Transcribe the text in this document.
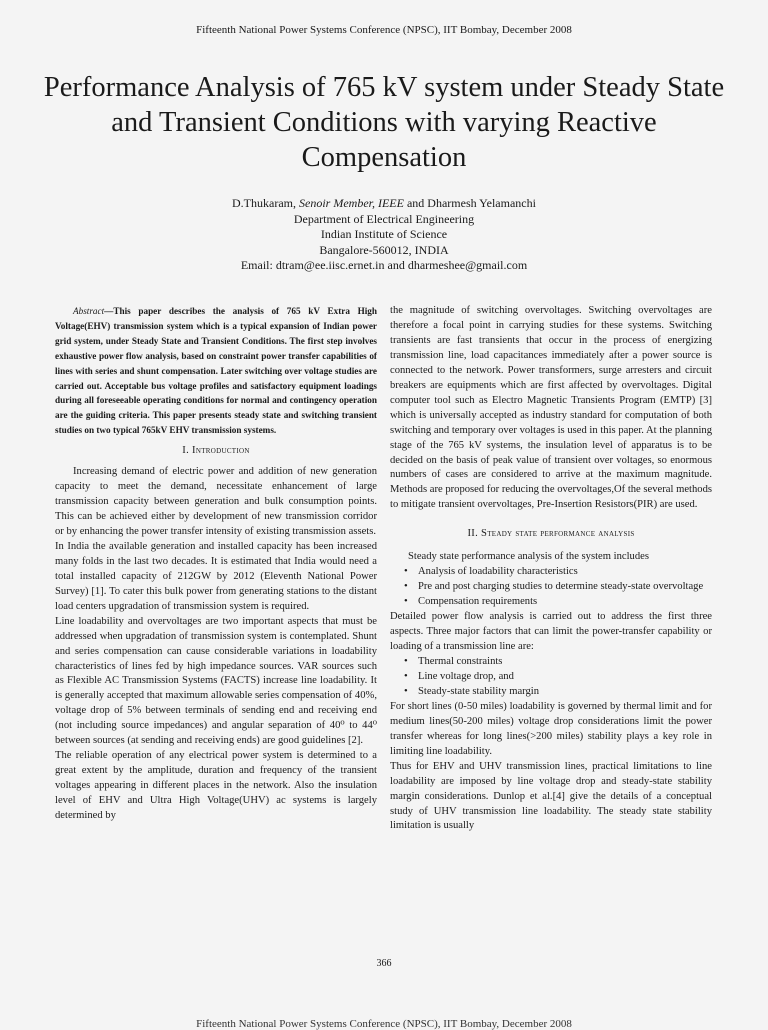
Fifteenth National Power Systems Conference (NPSC), IIT Bombay, December 2008
Performance Analysis of 765 kV system under Steady State and Transient Conditions with varying Reactive Compensation
D.Thukaram, Senoir Member, IEEE and Dharmesh Yelamanchi
Department of Electrical Engineering
Indian Institute of Science
Bangalore-560012, INDIA
Email: dtram@ee.iisc.ernet.in and dharmeshee@gmail.com

Abstract—This paper describes the analysis of 765 kV Extra High Voltage(EHV) transmission system which is a typical expansion of Indian power grid system, under Steady State and Transient Conditions. The first step involves exhaustive power flow analysis, based on constraint power transfer capabilities of lines with series and shunt compensation. Later switching over voltage studies are carried out. Acceptable bus voltage profiles and satisfactory equipment loadings during all foreseeable operating conditions for normal and contingency operation are the guiding criteria. This paper presents steady state and switching transient studies on two typical 765kV EHV transmission systems.

I. Introduction

Increasing demand of electric power and addition of new generation capacity to meet the demand, necessitate enhancement of large transmission capacity between generation and bulk consumption points. This can be achieved either by development of new transmission corridor or by enhancing the power transfer intensity of existing transmission assets.

In India the available generation and installed capacity has been increased many folds in the last two decades. It is estimated that India would need a total installed capacity of 212GW by 2012 (Eleventh National Power Survey) [1]. To cater this bulk power from generating stations to the distant load centers upgradation of transmission system is required.

Line loadability and overvoltages are two important aspects that must be addressed when upgradation of transmission system is contemplated. Shunt and series compensation can cause considerable variations in loadability characteristics of lines fed by high impedance sources. VAR sources such as Flexible AC Transmission Systems (FACTS) increase line loadability. It is generally accepted that maximum allowable series compensation of 40%, voltage drop of 5% between terminals of sending end and receiving end (not including source impedances) and angular separation of 40⁰ to 44⁰ between sources (at sending and receiving ends) are good guidelines [2].

The reliable operation of any electrical power system is determined to a great extent by the amplitude, duration and frequency of the transient voltages appearing in different places in the network. Also the insulation level of EHV and Ultra High Voltage(UHV) ac systems is largely determined by

the magnitude of switching overvoltages. Switching overvoltages are therefore a focal point in carrying studies for these systems. Switching transients are fast transients that occur in the process of energizing transmission line, load capacitances immediately after a power source is connected to the network. Power transformers, surge arresters and circuit breakers are equipments which are first affected by overvoltages. Digital computer tool such as Electro Magnetic Transients Program (EMTP) [3] which is universally accepted as industry standard for computation of both switching and temporary over voltages is used in this paper. At the planning stage of the 765 kV systems, the insulation level of apparatus is to be decided on the basis of peak value of transient over voltages, so enormous numbers of cases are considered to arrive at the maximum magnitude. Methods are proposed for reducing the overvoltages,Of the several methods to mitigate transient overvoltages, Pre-Insertion Resistors(PIR) are used.

II. Steady state performance analysis

Steady state performance analysis of the system includes

• Analysis of loadability characteristics
• Pre and post charging studies to determine steady-state overvoltage
• Compensation requirements

Detailed power flow analysis is carried out to address the first three aspects. Three major factors that can limit the power-transfer capability or loading of a transmission line are:

• Thermal constraints
• Line voltage drop, and
• Steady-state stability margin

For short lines (0-50 miles) loadability is governed by thermal limit and for medium lines(50-200 miles) voltage drop considerations limit the power transfer whereas for long lines(>200 miles) stability plays a key role in limiting line loadability.

Thus for EHV and UHV transmission lines, practical limitations to line loadability are imposed by line voltage drop and steady-state stability margin considerations. Dunlop et al.[4] give the details of a conceptual study of UHV transmission line loadability. The steady state stability limitation is usually

366
Fifteenth National Power Systems Conference (NPSC), IIT Bombay, December 2008
